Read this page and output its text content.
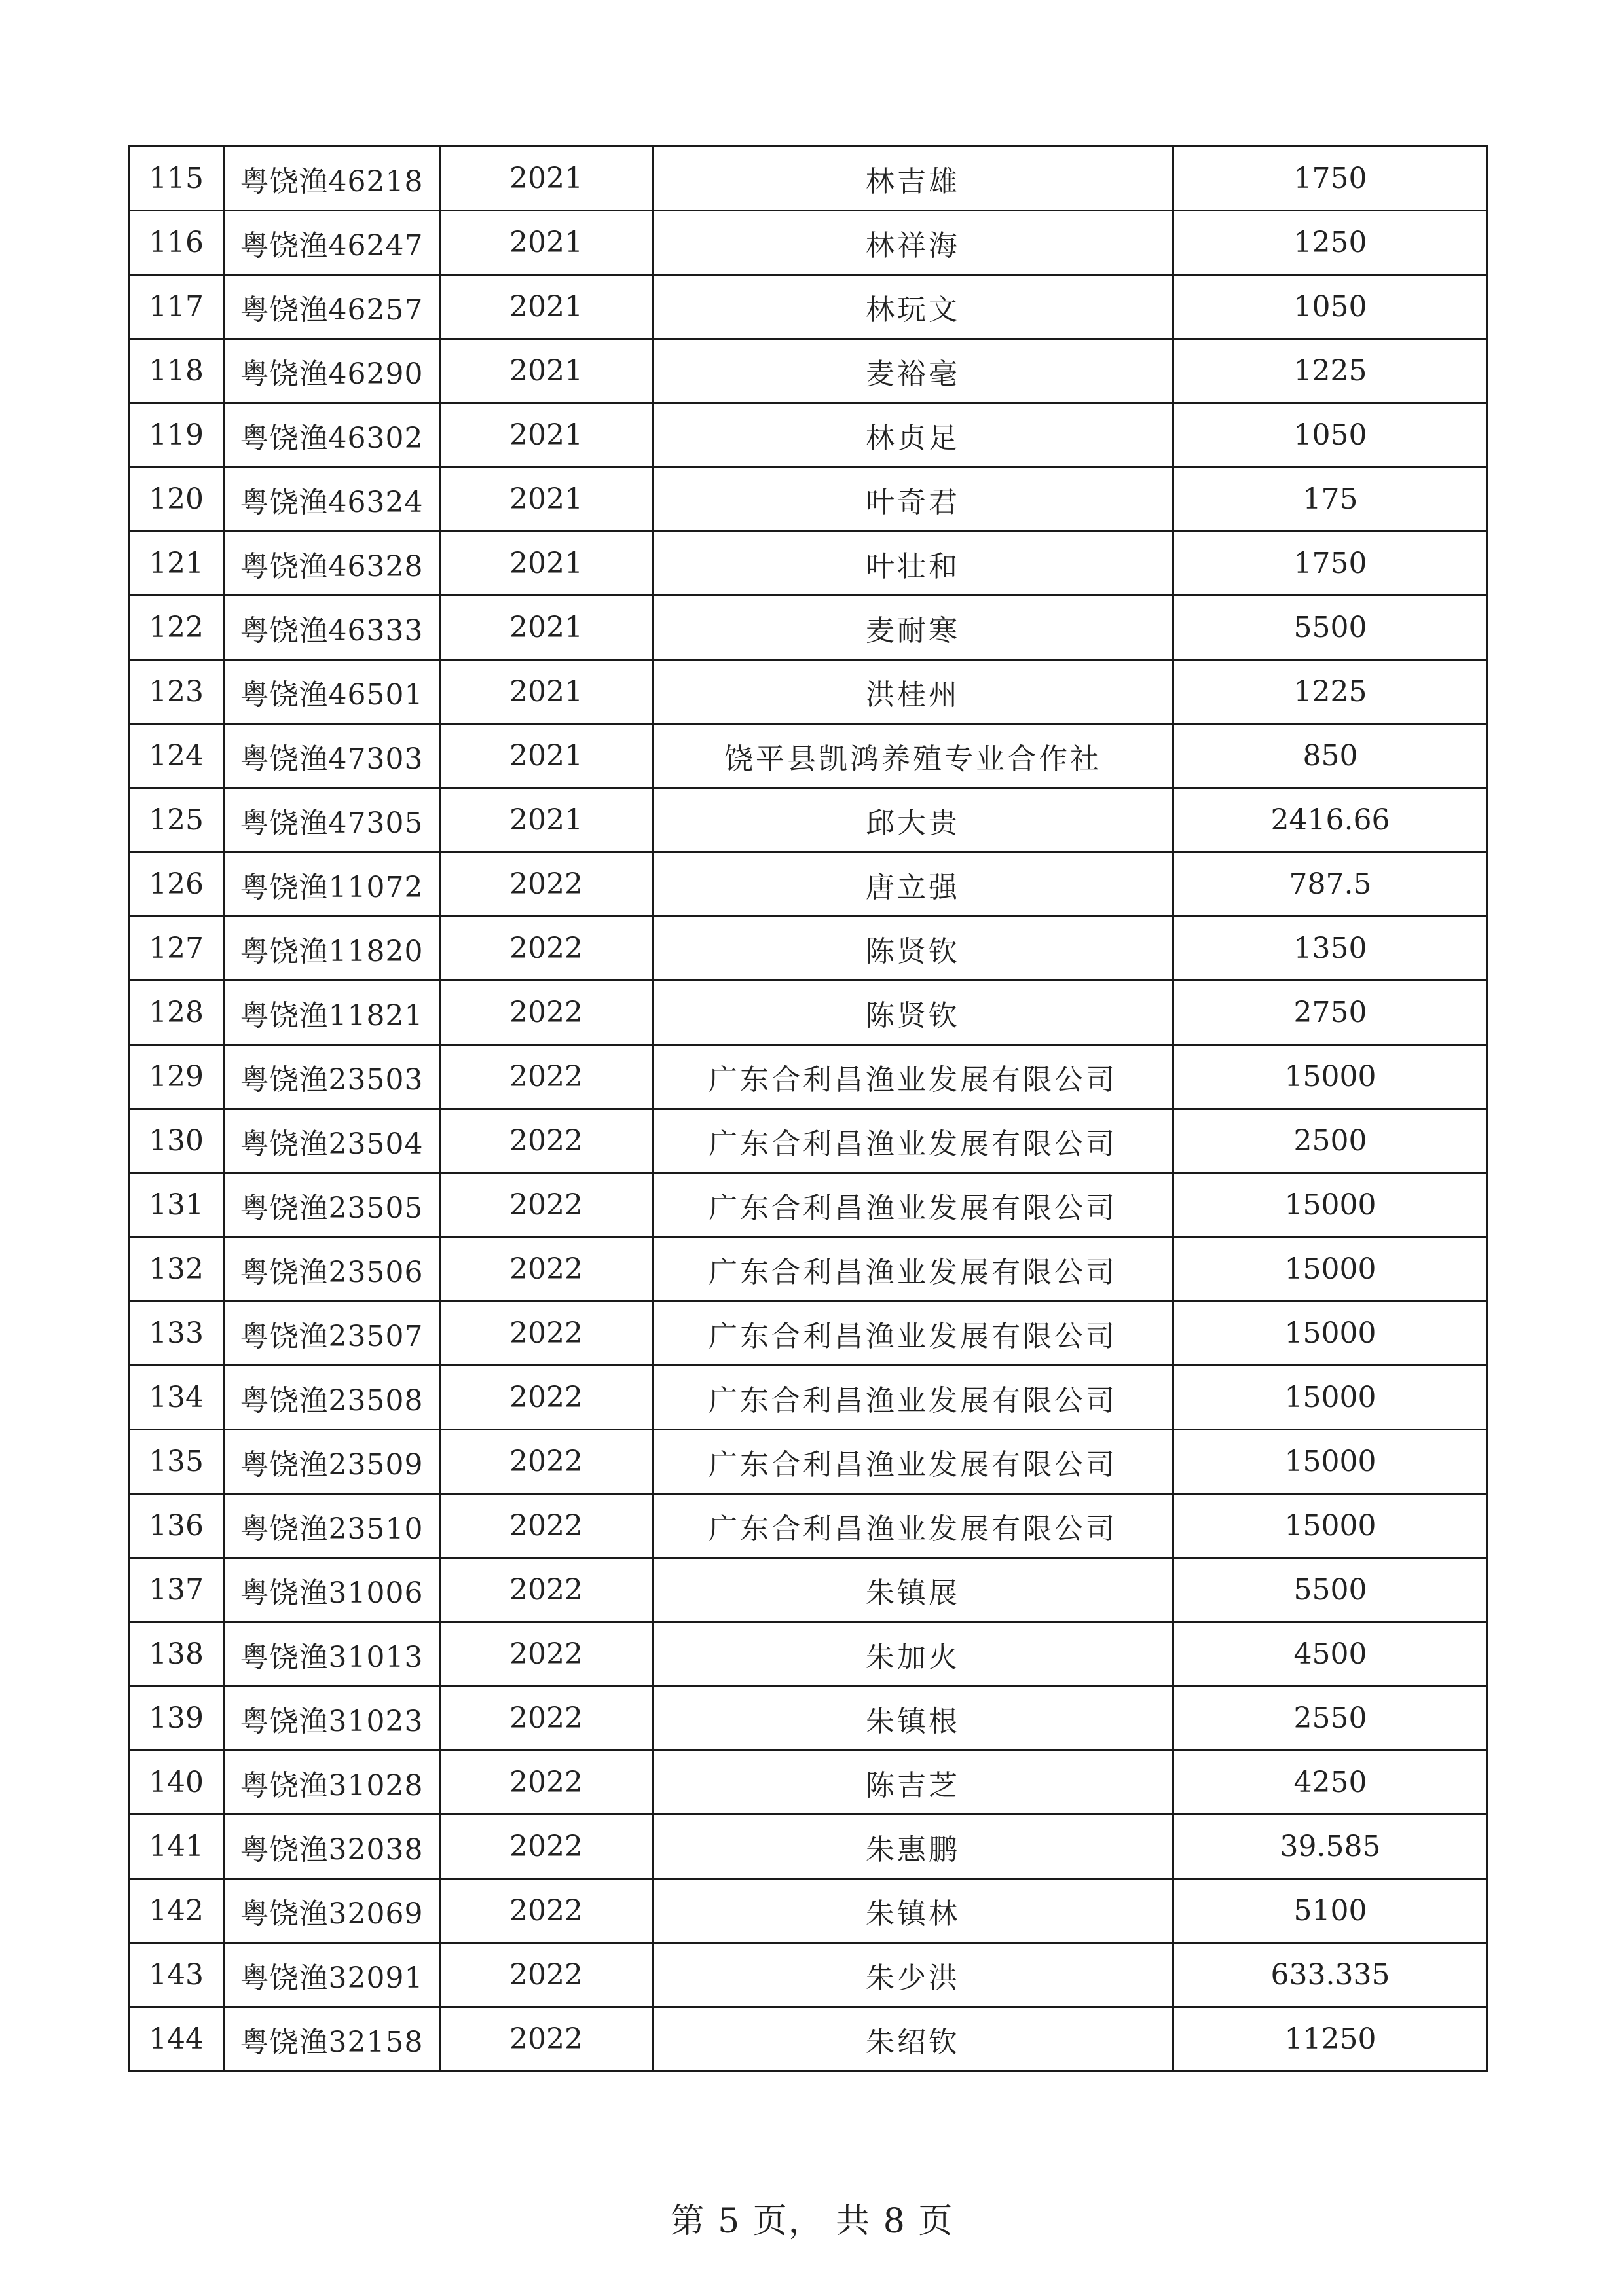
115	粤饶渔46218	2021	林吉雄	1750
116	粤饶渔46247	2021	林祥海	1250
117	粤饶渔46257	2021	林玩文	1050
118	粤饶渔46290	2021	麦裕毫	1225
119	粤饶渔46302	2021	林贞足	1050
120	粤饶渔46324	2021	叶奇君	175
121	粤饶渔46328	2021	叶壮和	1750
122	粤饶渔46333	2021	麦耐寒	5500
123	粤饶渔46501	2021	洪桂州	1225
124	粤饶渔47303	2021	饶平县凯鸿养殖专业合作社	850
125	粤饶渔47305	2021	邱大贵	2416.66
126	粤饶渔11072	2022	唐立强	787.5
127	粤饶渔11820	2022	陈贤钦	1350
128	粤饶渔11821	2022	陈贤钦	2750
129	粤饶渔23503	2022	广东合利昌渔业发展有限公司	15000
130	粤饶渔23504	2022	广东合利昌渔业发展有限公司	2500
131	粤饶渔23505	2022	广东合利昌渔业发展有限公司	15000
132	粤饶渔23506	2022	广东合利昌渔业发展有限公司	15000
133	粤饶渔23507	2022	广东合利昌渔业发展有限公司	15000
134	粤饶渔23508	2022	广东合利昌渔业发展有限公司	15000
135	粤饶渔23509	2022	广东合利昌渔业发展有限公司	15000
136	粤饶渔23510	2022	广东合利昌渔业发展有限公司	15000
137	粤饶渔31006	2022	朱镇展	5500
138	粤饶渔31013	2022	朱加火	4500
139	粤饶渔31023	2022	朱镇根	2550
140	粤饶渔31028	2022	陈吉芝	4250
141	粤饶渔32038	2022	朱惠鹏	39.585
142	粤饶渔32069	2022	朱镇林	5100
143	粤饶渔32091	2022	朱少洪	633.335
144	粤饶渔32158	2022	朱绍钦	11250
第 5 页， 共 8 页
